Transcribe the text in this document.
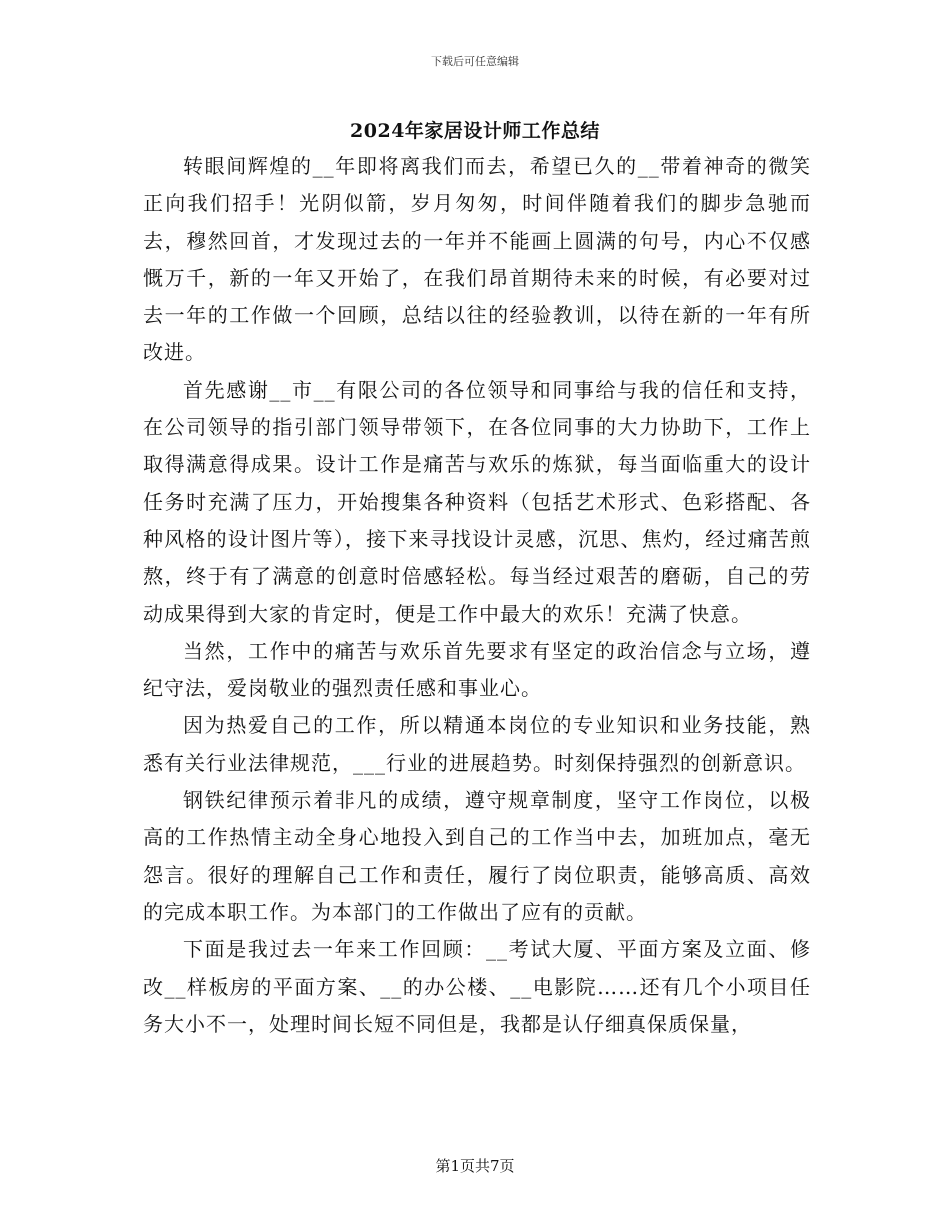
下载后可任意编辑
2024年家居设计师工作总结

转眼间辉煌的__年即将离我们而去，希望已久的__带着神奇的微笑正向我们招手！光阴似箭，岁月匆匆，时间伴随着我们的脚步急驰而去，穆然回首，才发现过去的一年并不能画上圆满的句号，内心不仅感慨万千，新的一年又开始了，在我们昂首期待未来的时候，有必要对过去一年的工作做一个回顾，总结以往的经验教训，以待在新的一年有所改进。

首先感谢__市__有限公司的各位领导和同事给与我的信任和支持，在公司领导的指引部门领导带领下，在各位同事的大力协助下，工作上取得满意得成果。设计工作是痛苦与欢乐的炼狱，每当面临重大的设计任务时充满了压力，开始搜集各种资料（包括艺术形式、色彩搭配、各种风格的设计图片等），接下来寻找设计灵感，沉思、焦灼，经过痛苦煎熬，终于有了满意的创意时倍感轻松。每当经过艰苦的磨砺，自己的劳动成果得到大家的肯定时，便是工作中最大的欢乐！充满了快意。

当然，工作中的痛苦与欢乐首先要求有坚定的政治信念与立场，遵纪守法，爱岗敬业的强烈责任感和事业心。

因为热爱自己的工作，所以精通本岗位的专业知识和业务技能，熟悉有关行业法律规范，___行业的进展趋势。时刻保持强烈的创新意识。

钢铁纪律预示着非凡的成绩，遵守规章制度，坚守工作岗位，以极高的工作热情主动全身心地投入到自己的工作当中去，加班加点，毫无怨言。很好的理解自己工作和责任，履行了岗位职责，能够高质、高效的完成本职工作。为本部门的工作做出了应有的贡献。

下面是我过去一年来工作回顾：__考试大厦、平面方案及立面、修改__样板房的平面方案、__的办公楼、__电影院……还有几个小项目任务大小不一，处理时间长短不同但是，我都是认仔细真保质保量，

第1页共7页
